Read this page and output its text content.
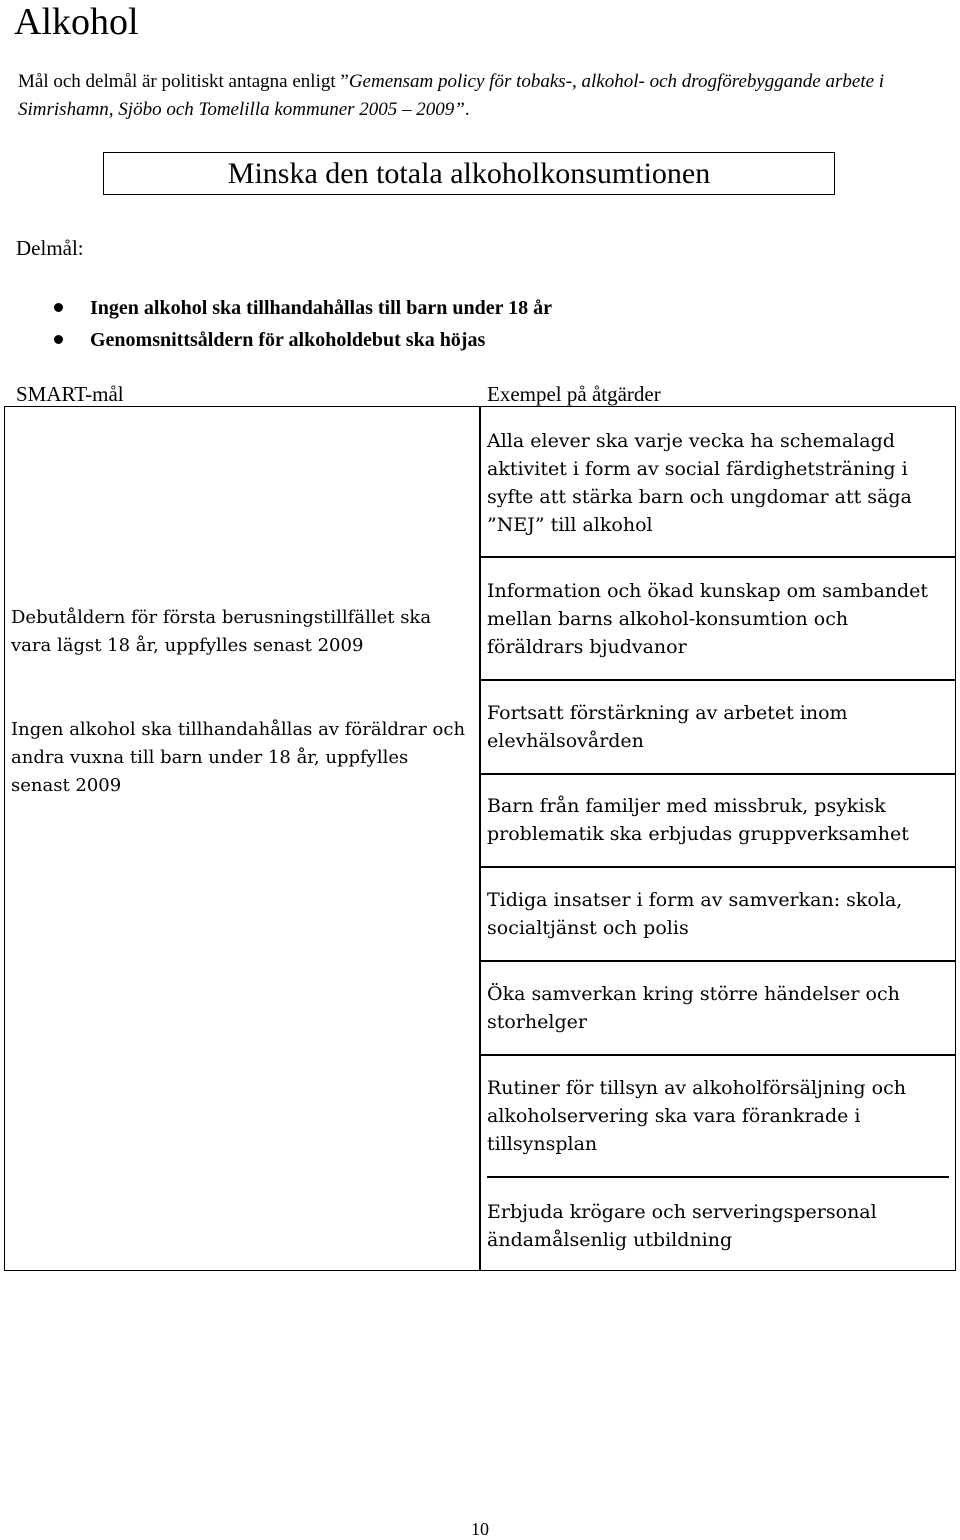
Alkohol
Mål och delmål är politiskt antagna enligt ”Gemensam policy för tobaks-, alkohol- och drogförebyggande arbete i Simrishamn, Sjöbo och Tomelilla kommuner 2005 – 2009”.
Minska den totala alkoholkonsumtionen
Delmål:
Ingen alkohol ska tillhandahållas till barn under 18 år
Genomsnittsåldern för alkoholdebut ska höjas
SMART-mål	Exempel på åtgärder
Debutåldern för första berusningstillfället ska vara lägst 18 år, uppfylles senast 2009
Ingen alkohol ska tillhandahållas av föräldrar och andra vuxna till barn under 18 år, uppfylles senast 2009
Alla elever ska varje vecka ha schemalagd aktivitet i form av social färdighetsträning i syfte att stärka barn och ungdomar att säga ”NEJ” till alkohol
Information och ökad kunskap om sambandet mellan barns alkohol-konsumtion och föräldrars bjudvanor
Fortsatt förstärkning av arbetet inom elevhälsovården
Barn från familjer med missbruk, psykisk problematik ska erbjudas gruppverksamhet
Tidiga insatser i form av samverkan: skola, socialtjänst och polis
Öka samverkan kring större händelser och storhelger
Rutiner för tillsyn av alkoholförsäljning och alkoholservering ska vara förankrade i tillsynsplan
Erbjuda krögare och serveringspersonal ändamålsenlig utbildning
10
